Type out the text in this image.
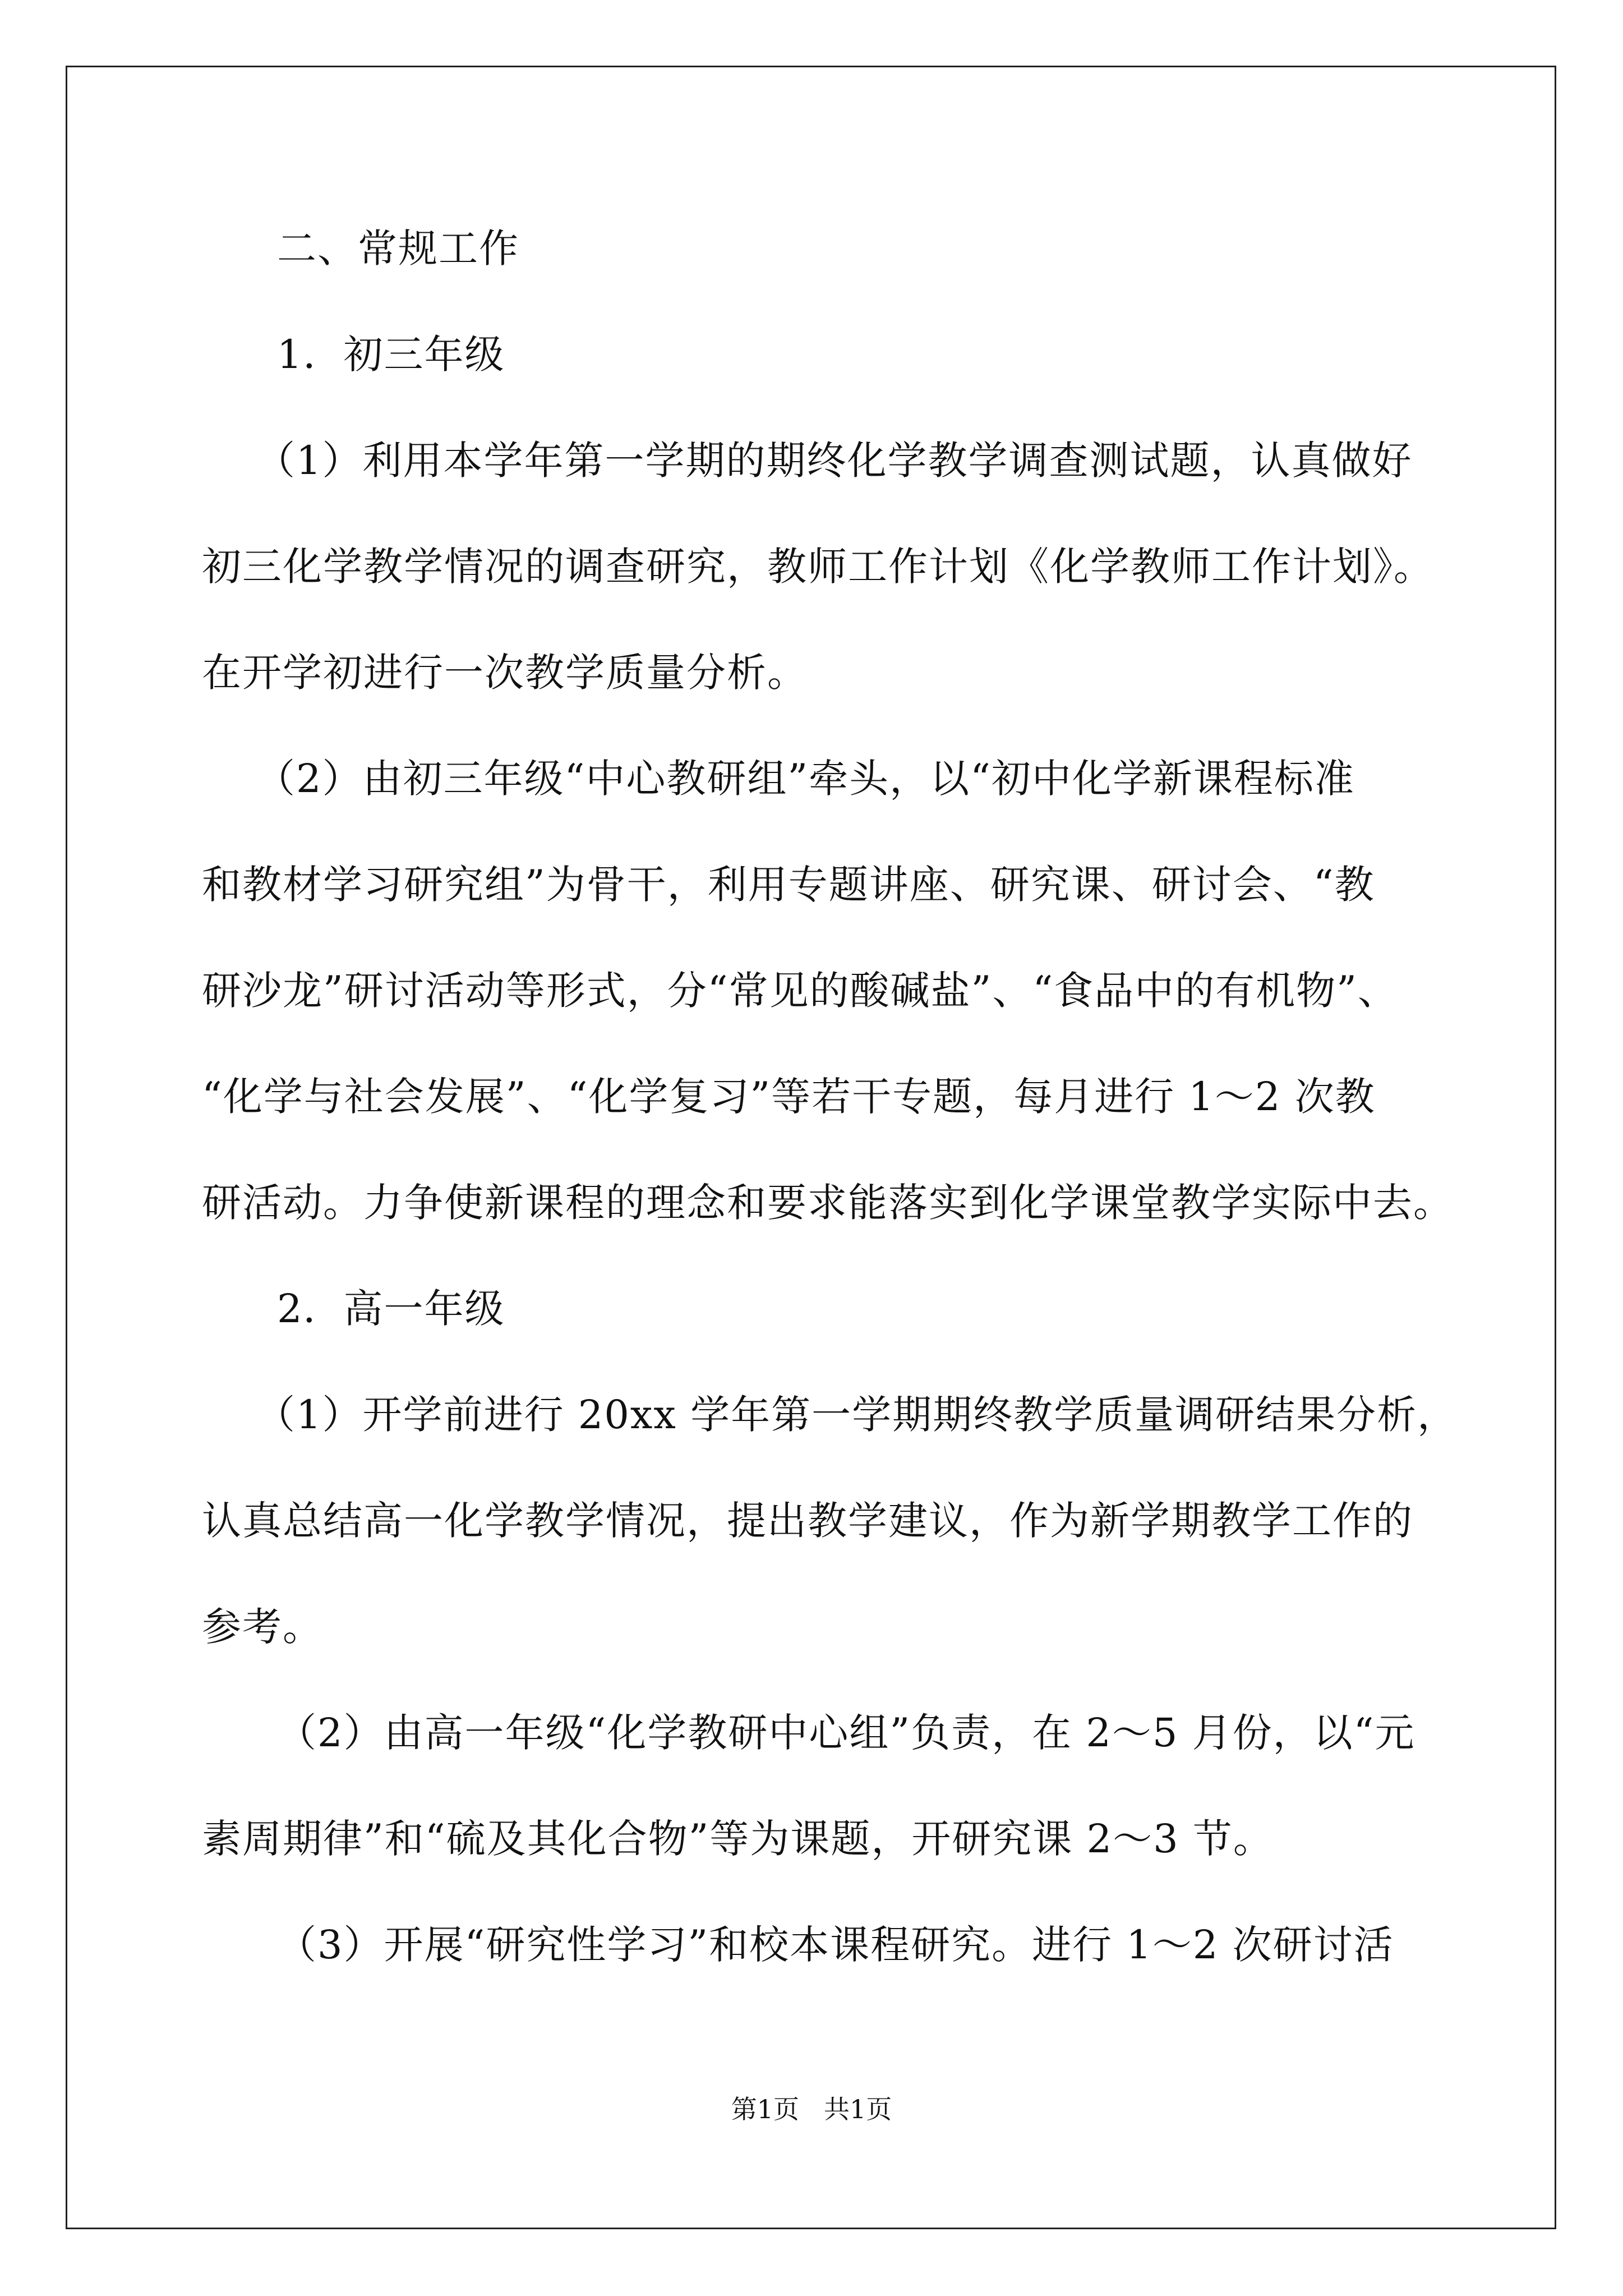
二、常规工作
1．初三年级
（1）利用本学年第一学期的期终化学教学调查测试题，认真做好
初三化学教学情况的调查研究，教师工作计划《化学教师工作计划》。
在开学初进行一次教学质量分析。
（2）由初三年级“中心教研组”牵头，以“初中化学新课程标准
和教材学习研究组”为骨干，利用专题讲座、研究课、研讨会、“教
研沙龙”研讨活动等形式，分“常见的酸碱盐”、“食品中的有机物”、
“化学与社会发展”、“化学复习”等若干专题，每月进行 1～2 次教
研活动。力争使新课程的理念和要求能落实到化学课堂教学实际中去。
2．高一年级
（1）开学前进行 20xx 学年第一学期期终教学质量调研结果分析，
认真总结高一化学教学情况，提出教学建议，作为新学期教学工作的
参考。
（2）由高一年级“化学教研中心组”负责，在 2～5 月份，以“元
素周期律”和“硫及其化合物”等为课题，开研究课 2～3 节。
（3）开展“研究性学习”和校本课程研究。进行 1～2 次研讨活
第1页 共1页
